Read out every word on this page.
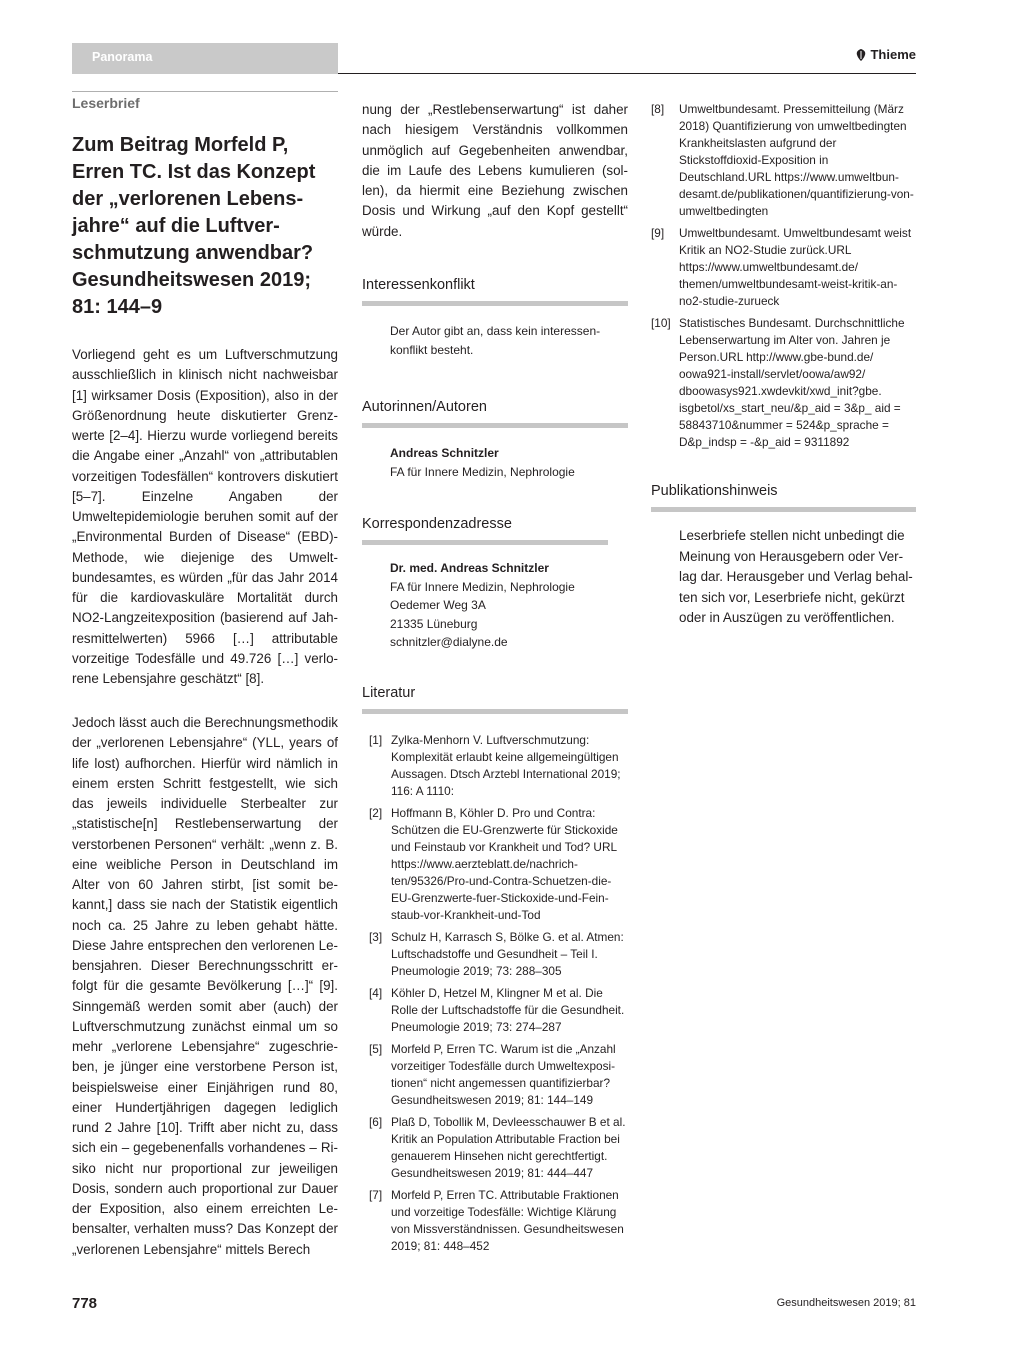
Panorama	Thieme
Leserbrief
Zum Beitrag Morfeld P, Erren TC. Ist das Konzept der „verlorenen Lebensjahre“ auf die Luftverschmutzung anwendbar? Gesundheitswesen 2019; 81: 144–9

Vorliegend geht es um Luftverschmutzung ausschließlich in klinisch nicht nachweisbar [1] wirksamer Dosis (Exposition), also in der Größenordnung heute diskutierter Grenzwerte [2–4]. Hierzu wurde vorliegend bereits die Angabe einer „Anzahl“ von „attributablen vorzeitigen Todesfällen“ kontrovers diskutiert [5–7]. Einzelne Angaben der Umweltepidemiologie beruhen somit auf der „Environmental Burden of Disease“ (EBD)-Methode, wie diejenige des Umweltbundesamtes, es würden „für das Jahr 2014 für die kardiovaskuläre Mortalität durch NO2-Langzeitexposition (basierend auf Jahresmittelwerten) 5966 […] attributable vorzeitige Todesfälle und 49.726 […] verlorene Lebensjahre geschätzt“ [8].

Jedoch lässt auch die Berechnungsmethodik der „verlorenen Lebensjahre“ (YLL, years of life lost) aufhorchen. Hierfür wird nämlich in einem ersten Schritt festgestellt, wie sich das jeweils individuelle Sterbealter zur „statistische[n] Restlebenserwartung der verstorbenen Personen“ verhält: „wenn z. B. eine weibliche Person in Deutschland im Alter von 60 Jahren stirbt, [ist somit bekannt,] dass sie nach der Statistik eigentlich noch ca. 25 Jahre zu leben gehabt hätte. Diese Jahre entsprechen den verlorenen Lebensjahren. Dieser Berechnungsschritt erfolgt für die gesamte Bevölkerung […]“ [9]. Sinngemäß werden somit aber (auch) der Luftverschmutzung zunächst einmal um so mehr „verlorene Lebensjahre“ zugeschrieben, je jünger eine verstorbene Person ist, beispielsweise einer Einjährigen rund 80, einer Hundertjährigen dagegen lediglich rund 2 Jahre [10]. Trifft aber nicht zu, dass sich ein – gegebenenfalls vorhandenes – Risiko nicht nur proportional zur jeweiligen Dosis, sondern auch proportional zur Dauer der Exposition, also einem erreichten Lebensalter, verhalten muss? Das Konzept der „verlorenen Lebensjahre“ mittels Berech

nung der „Restlebenserwartung“ ist daher nach hiesigem Verständnis vollkommen unmöglich auf Gegebenheiten anwendbar, die im Laufe des Lebens kumulieren (sollen), da hiermit eine Beziehung zwischen Dosis und Wirkung „auf den Kopf gestellt“ würde.

Interessenkonflikt
Der Autor gibt an, dass kein interessenkonflikt besteht.
Autorinnen/Autoren
Andreas Schnitzler
FA für Innere Medizin, Nephrologie
Korrespondenzadresse
Dr. med. Andreas Schnitzler
FA für Innere Medizin, Nephrologie
Oedemer Weg 3A
21335 Lüneburg
schnitzler@dialyne.de
Literatur
[1] Zylka-Menhorn V. Luftverschmutzung: Komplexität erlaubt keine allgemeingültigen Aussagen. Dtsch Arztebl International 2019; 116: A 1110:
[2] Hoffmann B, Köhler D. Pro und Contra: Schützen die EU-Grenzwerte für Stickoxide und Feinstaub vor Krankheit und Tod? URL https://www.aerzteblatt.de/nachrichten/95326/Pro-und-Contra-Schuetzen-die-EU-Grenzwerte-fuer-Stickoxide-und-Feinstaub-vor-Krankheit-und-Tod
[3] Schulz H, Karrasch S, Bölke G. et al. Atmen: Luftschadstoffe und Gesundheit – Teil I. Pneumologie 2019; 73: 288–305
[4] Köhler D, Hetzel M, Klingner M et al. Die Rolle der Luftschadstoffe für die Gesundheit. Pneumologie 2019; 73: 274–287
[5] Morfeld P, Erren TC. Warum ist die „Anzahl vorzeitiger Todesfälle durch Umweltexpositionen“ nicht angemessen quantifizierbar? Gesundheitswesen 2019; 81: 144–149
[6] Plaß D, Tobollik M, Devleesschauwer B et al. Kritik an Population Attributable Fraction bei genauerem Hinsehen nicht gerechtfertigt. Gesundheitswesen 2019; 81: 444–447
[7] Morfeld P, Erren TC. Attributable Fraktionen und vorzeitige Todesfälle: Wichtige Klärung von Missverständnissen. Gesundheitswesen 2019; 81: 448–452
[8] Umweltbundesamt. Pressemitteilung (März 2018) Quantifizierung von umweltbedingten Krankheitslasten aufgrund der Stickstoffdioxid-Exposition in Deutschland.URL https://www.umweltbundesamt.de/publikationen/quantifizierung-von-umweltbedingten
[9] Umweltbundesamt. Umweltbundesamt weist Kritik an NO2-Studie zurück.URL https://www.umweltbundesamt.de/ themen/umweltbundesamt-weist-kritik-an-no2-studie-zurueck
[10] Statistisches Bundesamt. Durchschnittliche Lebenserwartung im Alter von. Jahren je Person.URL http://www.gbe-bund.de/ oowa921-install/servlet/oowa/aw92/ dboowasys921.xwdevkit/xwd_init?gbe. isgbetol/xs_start_neu/&p_aid = 3&p_ aid = 58843710&nummer = 524&p_sprache = D&p_indsp = -&p_aid = 9311892
Publikationshinweis
Leserbriefe stellen nicht unbedingt die Meinung von Herausgebern oder Verlag dar. Herausgeber und Verlag behalten sich vor, Leserbriefe nicht, gekürzt oder in Auszügen zu veröffentlichen.
778	Gesundheitswesen 2019; 81
